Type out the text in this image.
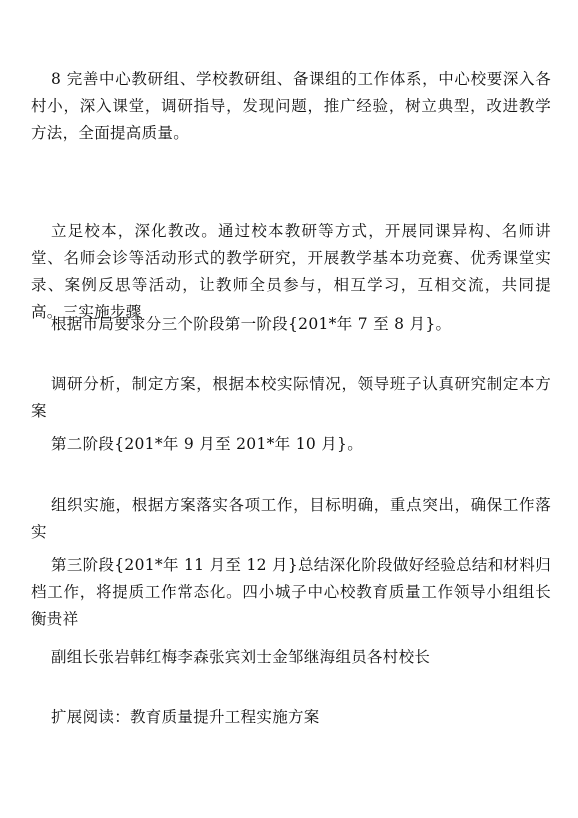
8 完善中心教研组、学校教研组、备课组的工作体系，中心校要深入各村小，深入课堂，调研指导，发现问题，推广经验，树立典型，改进教学方法，全面提高质量。

立足校本，深化教改。通过校本教研等方式，开展同课异构、名师讲堂、名师会诊等活动形式的教学研究，开展教学基本功竞赛、优秀课堂实录、案例反思等活动，让教师全员参与，相互学习，互相交流，共同提高。三实施步骤

根据市局要求分三个阶段第一阶段{201*年 7 至 8 月}。

调研分析，制定方案，根据本校实际情况，领导班子认真研究制定本方案

第二阶段{201*年 9 月至 201*年 10 月}。

组织实施，根据方案落实各项工作，目标明确，重点突出，确保工作落实

第三阶段{201*年 11 月至 12 月}总结深化阶段做好经验总结和材料归档工作，将提质工作常态化。四小城子中心校教育质量工作领导小组组长衡贵祥

副组长张岩韩红梅李森张宾刘士金邹继海组员各村校长

扩展阅读：教育质量提升工程实施方案
